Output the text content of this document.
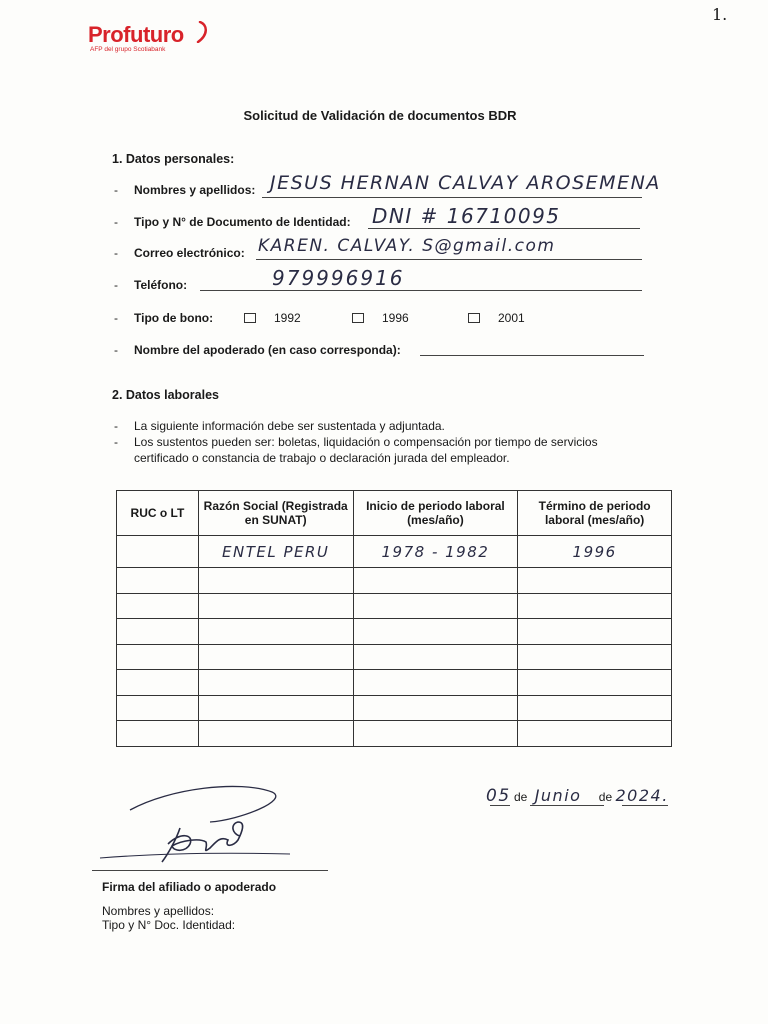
1.
Profuturo
AFP del grupo Scotiabank
Solicitud de Validación de documentos BDR
1. Datos personales:
- Nombres y apellidos: JESUS HERNAN CALVAY AROSEMENA
- Tipo y N° de Documento de Identidad: DNI # 16710095
- Correo electrónico: KAREN. CALVAY. S@gmail.com
- Teléfono:	979996916
- Tipo de bono:	1992	1996	2001
- Nombre del apoderado (en caso corresponda):
2. Datos laborales
- La siguiente información debe ser sustentada y adjuntada.
- Los sustentos pueden ser: boletas, liquidación o compensación por tiempo de servicios
certificado o constancia de trabajo o declaración jurada del empleador.
RUC o LT	Razón Social (Registrada en SUNAT)	Inicio de periodo laboral (mes/año)	Término de periodo laboral (mes/año)
	ENTEL PERU	1978 - 1982	1996

05 de Junio de 2024.
Firma del afiliado o apoderado
Nombres y apellidos:
Tipo y N° Doc. Identidad:
